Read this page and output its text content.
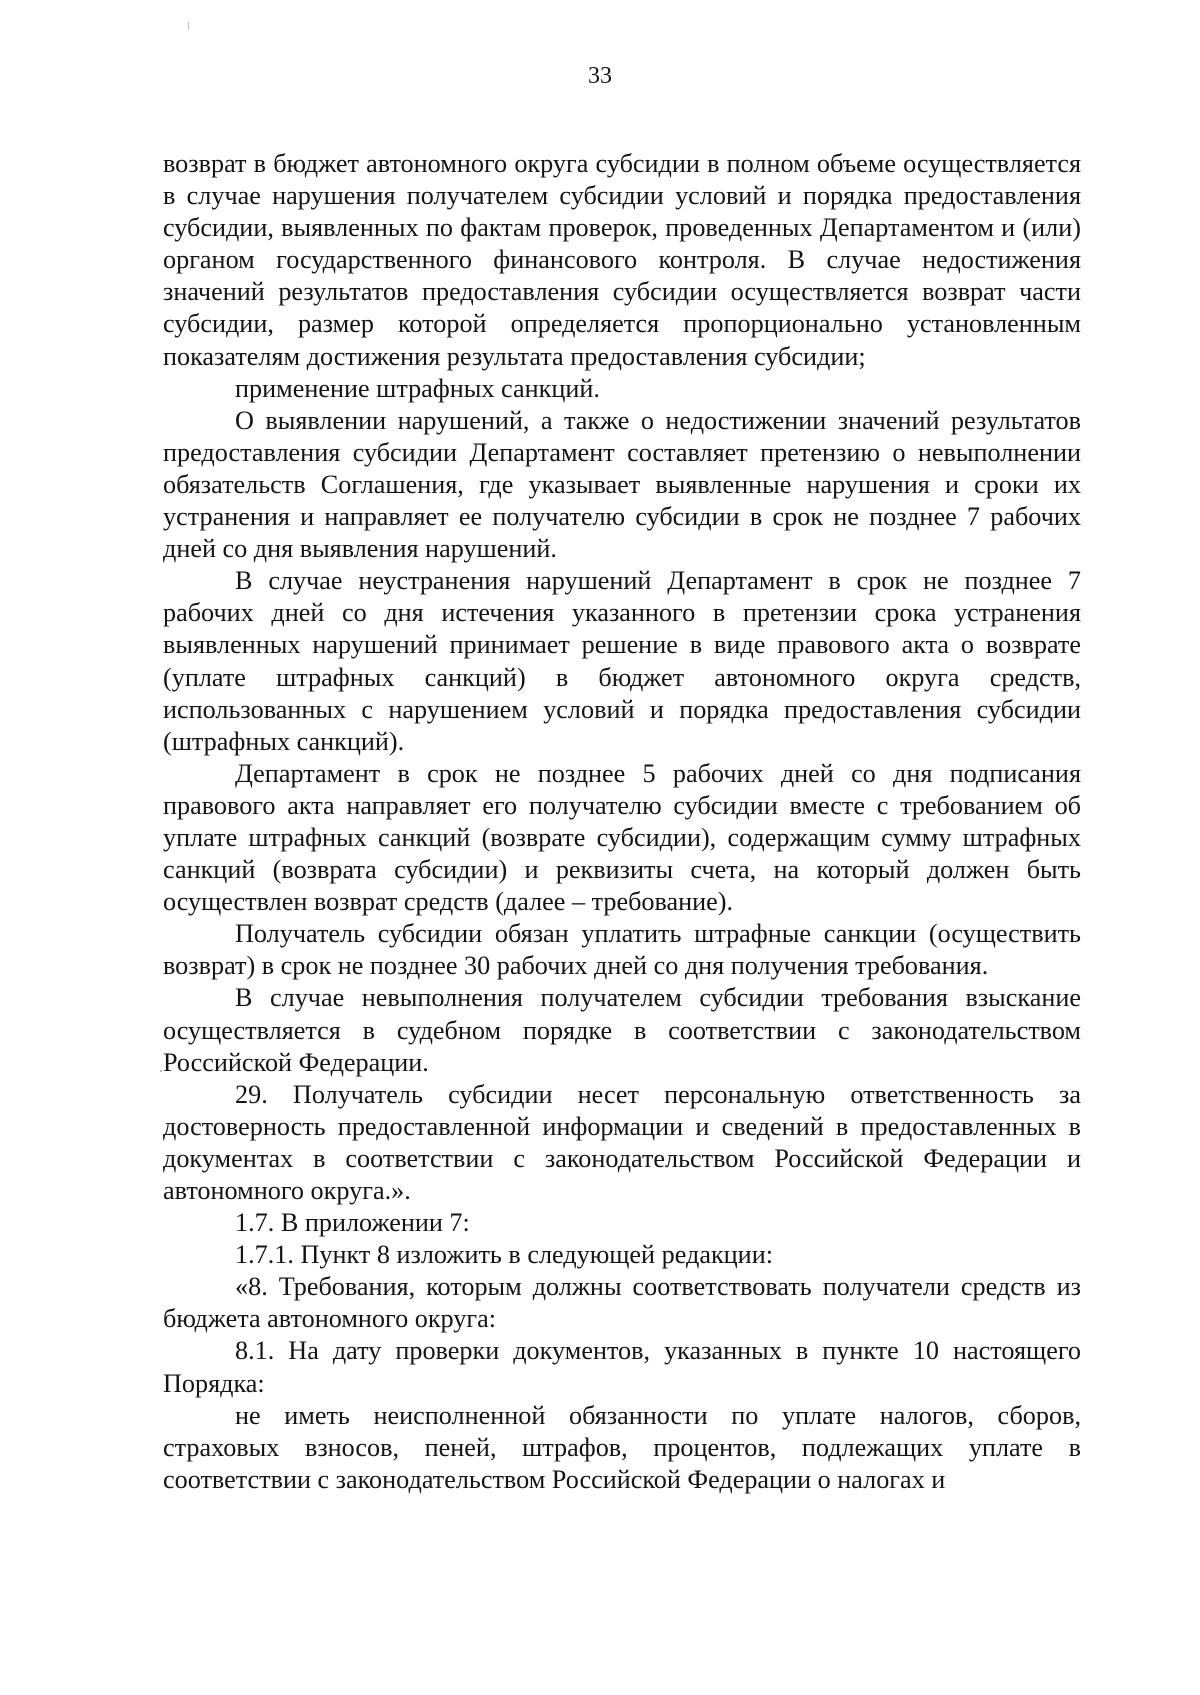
33

возврат в бюджет автономного округа субсидии в полном объеме осуществляется в случае нарушения получателем субсидии условий и порядка предоставления субсидии, выявленных по фактам проверок, проведенных Департаментом и (или) органом государственного финансового контроля. В случае недостижения значений результатов предоставления субсидии осуществляется возврат части субсидии, размер которой определяется пропорционально установленным показателям достижения результата предоставления субсидии;

применение штрафных санкций.

О выявлении нарушений, а также о недостижении значений результатов предоставления субсидии Департамент составляет претензию о невыполнении обязательств Соглашения, где указывает выявленные нарушения и сроки их устранения и направляет ее получателю субсидии в срок не позднее 7 рабочих дней со дня выявления нарушений.

В случае неустранения нарушений Департамент в срок не позднее 7 рабочих дней со дня истечения указанного в претензии срока устранения выявленных нарушений принимает решение в виде правового акта о возврате (уплате штрафных санкций) в бюджет автономного округа средств, использованных с нарушением условий и порядка предоставления субсидии (штрафных санкций).

Департамент в срок не позднее 5 рабочих дней со дня подписания правового акта направляет его получателю субсидии вместе с требованием об уплате штрафных санкций (возврате субсидии), содержащим сумму штрафных санкций (возврата субсидии) и реквизиты счета, на который должен быть осуществлен возврат средств (далее – требование).

Получатель субсидии обязан уплатить штрафные санкции (осуществить возврат) в срок не позднее 30 рабочих дней со дня получения требования.

В случае невыполнения получателем субсидии требования взыскание осуществляется в судебном порядке в соответствии с законодательством Российской Федерации.

29. Получатель субсидии несет персональную ответственность за достоверность предоставленной информации и сведений в предоставленных в документах в соответствии с законодательством Российской Федерации и автономного округа.».

1.7. В приложении 7:

1.7.1. Пункт 8 изложить в следующей редакции:

«8. Требования, которым должны соответствовать получатели средств из бюджета автономного округа:

8.1. На дату проверки документов, указанных в пункте 10 настоящего Порядка:

не иметь неисполненной обязанности по уплате налогов, сборов, страховых взносов, пеней, штрафов, процентов, подлежащих уплате в соответствии с законодательством Российской Федерации о налогах и
